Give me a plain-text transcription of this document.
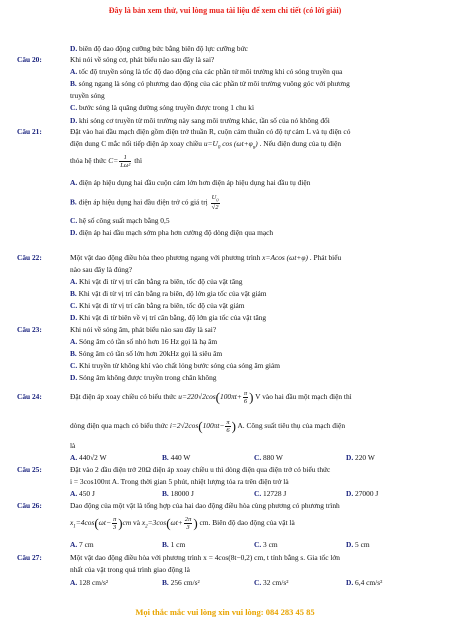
Đây là bản xem thử, vui lòng mua tài liệu để xem chi tiết (có lời giải)
D. biên độ dao động cưỡng bức bằng biên độ lực cưỡng bức
Câu 20:	Khi nói về sóng cơ, phát biểu nào sau đây là sai?
A. tốc độ truyền sóng là tốc độ dao động của các phần tử môi trường khi có sóng truyền qua
B. sóng ngang là sóng có phương dao động của các phần tử môi trường vuông góc với phương
truyền sóng
C. bước sóng là quãng đường sóng truyền được trong 1 chu kì
D. khi sóng cơ truyền từ môi trường này sang môi trường khác, tần số của nó không đổi
Câu 21:	Đặt vào hai đầu mạch điện gồm điện trở thuần R, cuộn cảm thuần có độ tự cảm L và tụ điện có
điện dung C mắc nối tiếp điện áp xoay chiều $u=U_0$ $\cos (\omega t+\varphi_u)$ . Nếu điện dung của tụ điện
thỏa hệ thức $C= \frac{1}{\text{Lω²}}$ thì
A. điện áp hiệu dụng hai đầu cuộn cảm lớn hơn điện áp hiệu dụng hai đầu tụ điện
B. điện áp hiệu dụng hai đầu điện trở có giá trị $\frac{U_0}{√2}$
C. hệ số công suất mạch bằng 0,5
D. điện áp hai đầu mạch sớm pha hơn cường độ dòng điện qua mạch
Câu 22:	Một vật dao động điều hòa theo phương ngang với phương trình x=Acos (ωt+φ) . Phát biểu
nào sau đây là đúng?
A. Khi vật đi từ vị trí cân bằng ra biên, tốc độ của vật tăng
B. Khi vật đi từ vị trí cân bằng ra biên, độ lớn gia tốc của vật giảm
C. Khi vật đi từ vị trí cân bằng ra biên, tốc độ của vật giảm
D. Khi vật đi từ biên về vị trí cân bằng, độ lớn gia tốc của vật tăng
Câu 23:	Khi nói về sóng âm, phát biểu nào sau đây là sai?
A. Sóng âm có tần số nhỏ hơn 16 Hz gọi là hạ âm
B. Sóng âm có tần số lớn hơn 20kHz gọi là siêu âm
C. Khi truyền từ không khí vào chất lỏng bước sóng của sóng âm giảm
D. Sóng âm không được truyền trong chân không
Câu 24:	Đặt điện áp xoay chiều có biểu thức $u=220√2\cos(100\pi t+ \frac{\pi}{6}$ ) V vào hai đầu một mạch điện thì
dòng điện qua mạch có biểu thức $i=2√2\cos(100\pi t- \frac{\pi}{6}$ ) A. Công suất tiêu thụ của mạch điện
là
A. 440√2 W	B. 440 W	C. 880 W	D. 220 W
Câu 25:	Đặt vào 2 đầu điện trở 20Ω điện áp xoay chiều u thì dòng điện qua điện trở có biểu thức
i = 3cos100πt A. Trong thời gian 5 phút, nhiệt lượng tỏa ra trên điện trở là
A. 450 J	B. 18000 J	C. 12728 J	D. 27000 J
Câu 26:	Dao động của một vật là tổng hợp của hai dao động điều hòa cùng phương có phương trình
$x_1=4\cos(\omega t- \frac{\pi}{3} )cm$ và $x_2=3\cos(\omega t+ \frac{2\pi}{3}$ ) cm. Biên độ dao động của vật là
A. 7 cm	B. 1 cm	C. 3 cm	D. 5 cm
Câu 27:	Một vật dao động điều hòa với phương trình x = 4cos(8t−0,2) cm, t tính bằng s. Gia tốc lớn
nhất của vật trong quá trình giao động là
A. 128 cm/s²	B. 256 cm/s²	C. 32 cm/s²	D. 6,4 cm/s²
Mọi thắc mắc vui lòng xin vui lòng: 084 283 45 85
